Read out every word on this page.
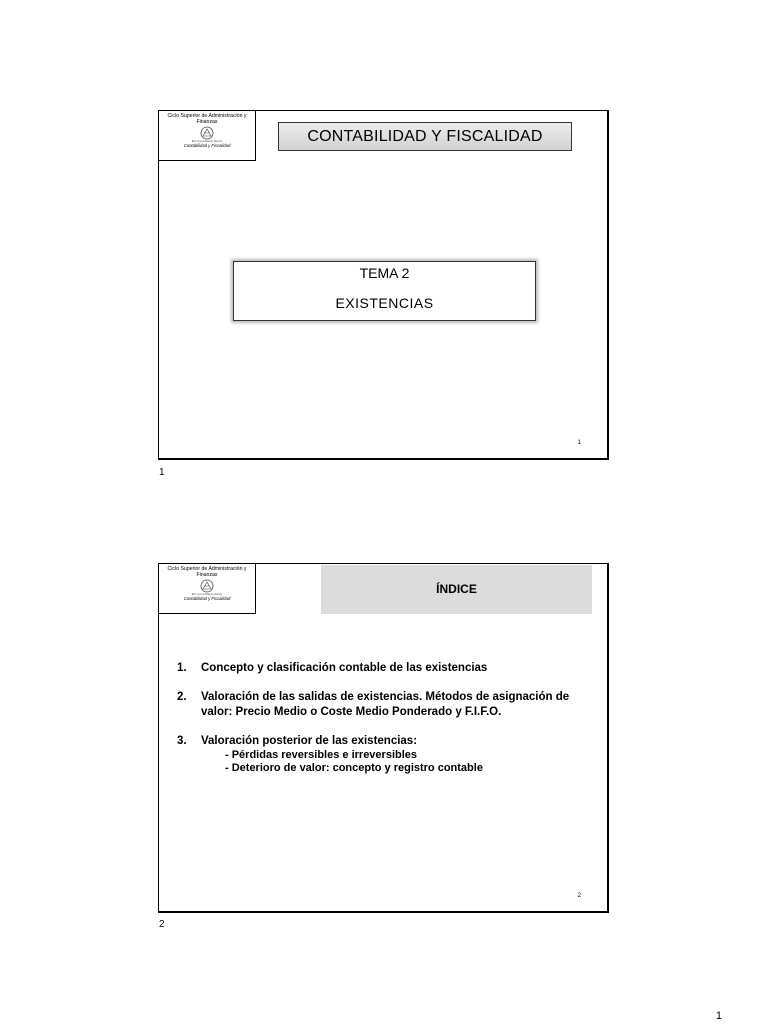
Ciclo Superior de Administración y Finanzas
IES Comunidad de Reinos
Contabilidad y Fiscalidad
CONTABILIDAD Y FISCALIDAD
TEMA 2
EXISTENCIAS
1
1
Ciclo Superior de Administración y Finanzas
IES Comunidad de Reinos
Contabilidad y Fiscalidad
ÍNDICE
1. Concepto y clasificación contable de las existencias
2. Valoración de las salidas de existencias. Métodos de asignación de valor: Precio Medio o Coste Medio Ponderado y F.I.F.O.
3. Valoración posterior de las existencias:
- Pérdidas reversibles e irreversibles
- Deterioro de valor: concepto y registro contable
2
2
1
